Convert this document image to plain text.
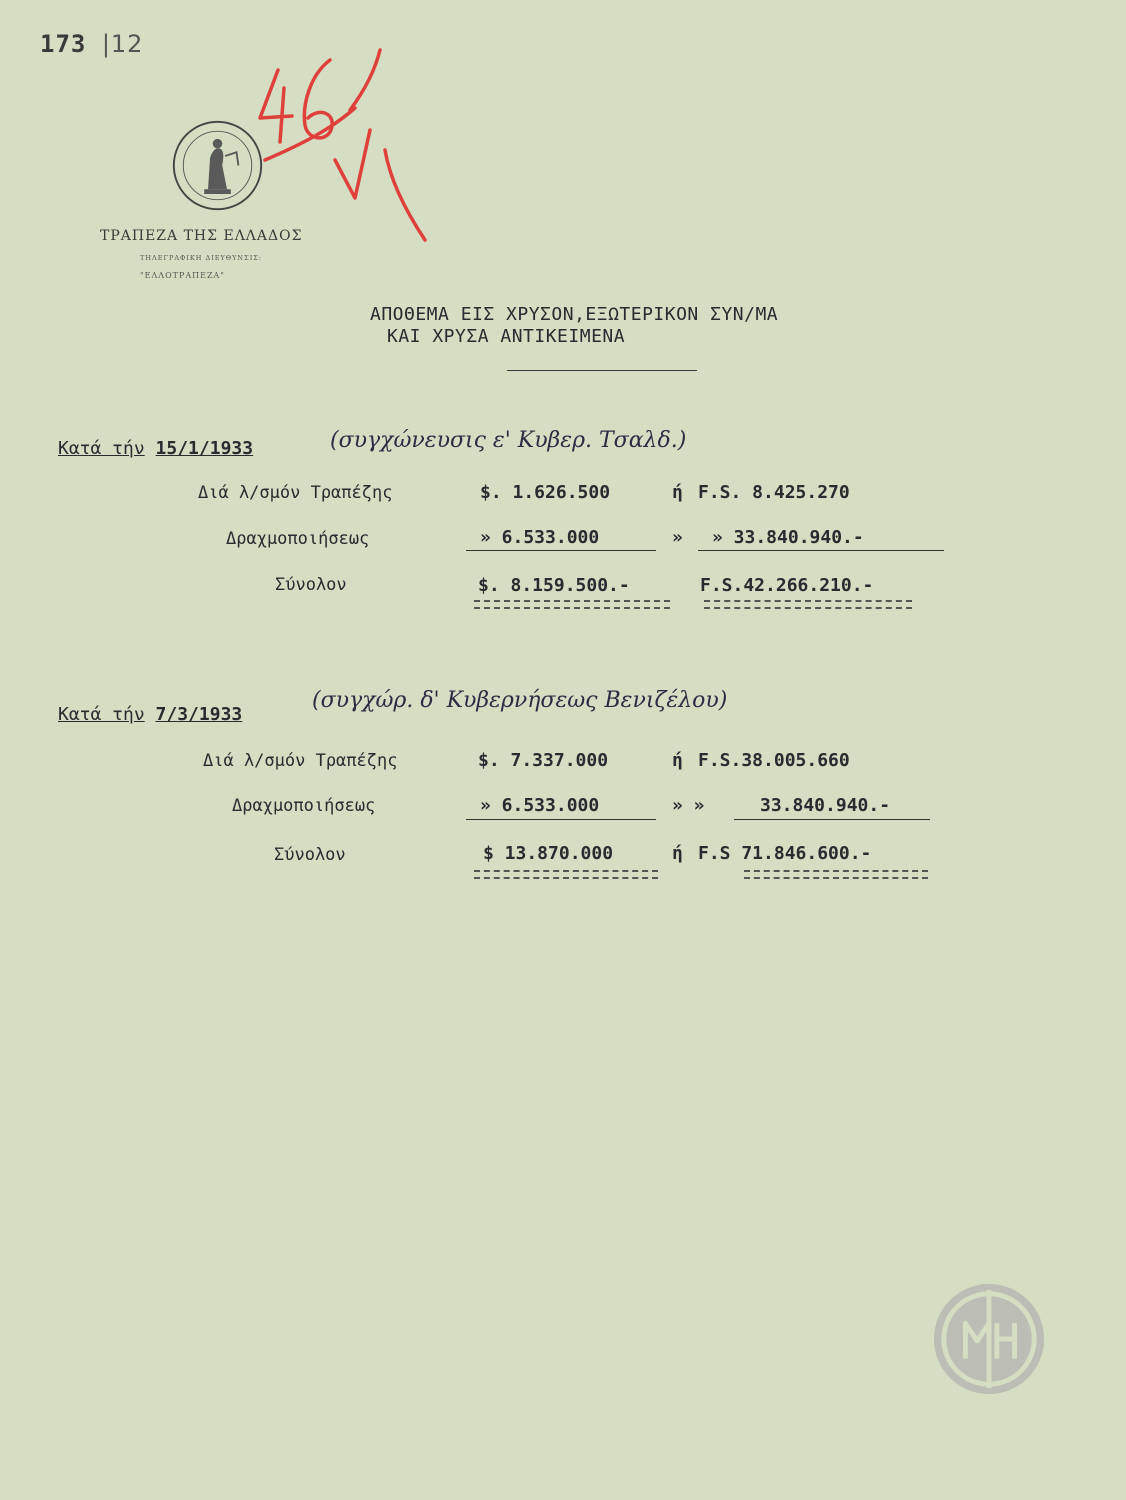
173 |12
ΤΡΑΠΕΖΑ ΤΗΣ ΕΛΛΑΔΟΣ
ΤΗΛΕΓΡΑΦΙΚΗ ΔΙΕΥΘΥΝΣΙΣ:
"ΕΛΛΟΤΡΑΠΕΖΑ"
ΑΠΟΘΕΜΑ ΕΙΣ ΧΡΥΣΟΝ,ΕΞΩΤΕΡΙΚΟΝ ΣΥΝ/ΜΑ
ΚΑΙ ΧΡΥΣΑ ΑΝΤΙΚΕΙΜΕΝΑ
Κατά τήν 15/1/1933	(συγχώνευσις ε' Κυβερ. Τσαλδ.)
Διά λ/σμόν Τραπέζης	$. 1.626.500	ή F.S. 8.425.270
Δραχμοποιήσεως	» 6.533.000	» » 33.840.940.-
Σύνολον	$. 8.159.500.-	F.S.42.266.210.-
Κατά τήν 7/3/1933
(συγχώρ. δ' Κυβερνήσεως Βενιζέλου)
Διά λ/σμόν Τραπέζης	$. 7.337.000	ή F.S.38.005.660
Δραχμοποιήσεως	» 6.533.000	» »	33.840.940.-
Σύνολον	$ 13.870.000	ή F.S 71.846.600.-
ΜΠΗ
